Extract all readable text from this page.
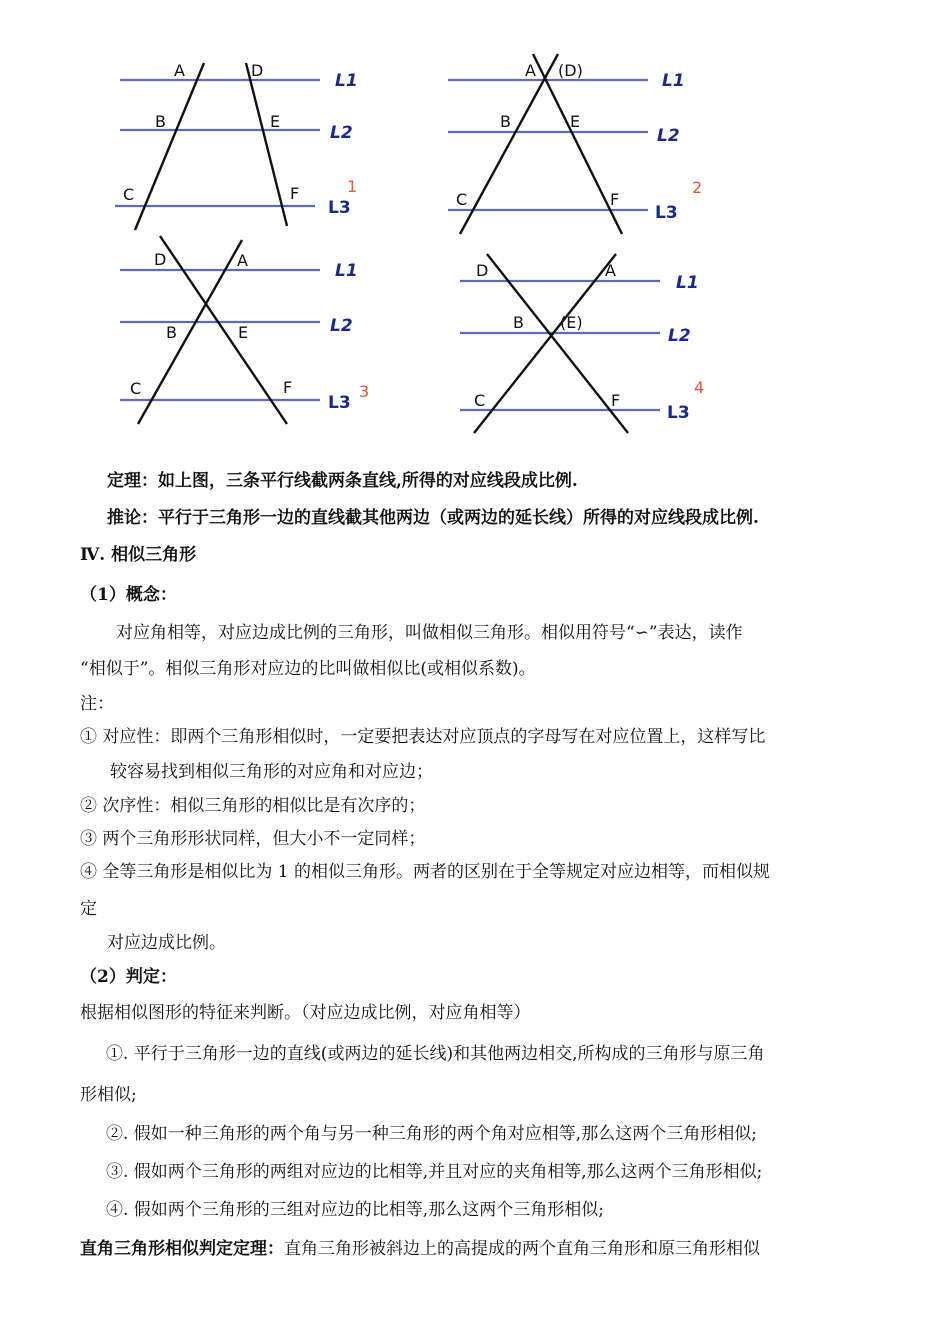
A	D
B	E
C	F
L1
L2
L3
1
A (D)
B	E
C	F
L1
L2
L3
2
D	A
B	E
C	F
L1
L2
L3
3
D	A
B (E)
C	F
L1
L2
L3
4
定理：如上图，三条平行线截两条直线,所得的对应线段成比例.
推论：平行于三角形一边的直线截其他两边（或两边的延长线）所得的对应线段成比例.
Ⅳ. 相似三角形
（1）概念：
对应角相等，对应边成比例的三角形，叫做相似三角形。相似用符号“∽”表达，读作
“相似于”。相似三角形对应边的比叫做相似比(或相似系数)。
注：
① 对应性：即两个三角形相似时，一定要把表达对应顶点的字母写在对应位置上，这样写比
较容易找到相似三角形的对应角和对应边；
② 次序性：相似三角形的相似比是有次序的；
③ 两个三角形形状同样，但大小不一定同样；
④ 全等三角形是相似比为 1 的相似三角形。两者的区别在于全等规定对应边相等，而相似规
定
对应边成比例。
（2）判定：
根据相似图形的特征来判断。（对应边成比例，对应角相等）
①. 平行于三角形一边的直线(或两边的延长线)和其他两边相交,所构成的三角形与原三角
形相似;
②. 假如一种三角形的两个角与另一种三角形的两个角对应相等,那么这两个三角形相似;
③. 假如两个三角形的两组对应边的比相等,并且对应的夹角相等,那么这两个三角形相似;
④. 假如两个三角形的三组对应边的比相等,那么这两个三角形相似;
直角三角形相似判定定理：直角三角形被斜边上的高提成的两个直角三角形和原三角形相似
